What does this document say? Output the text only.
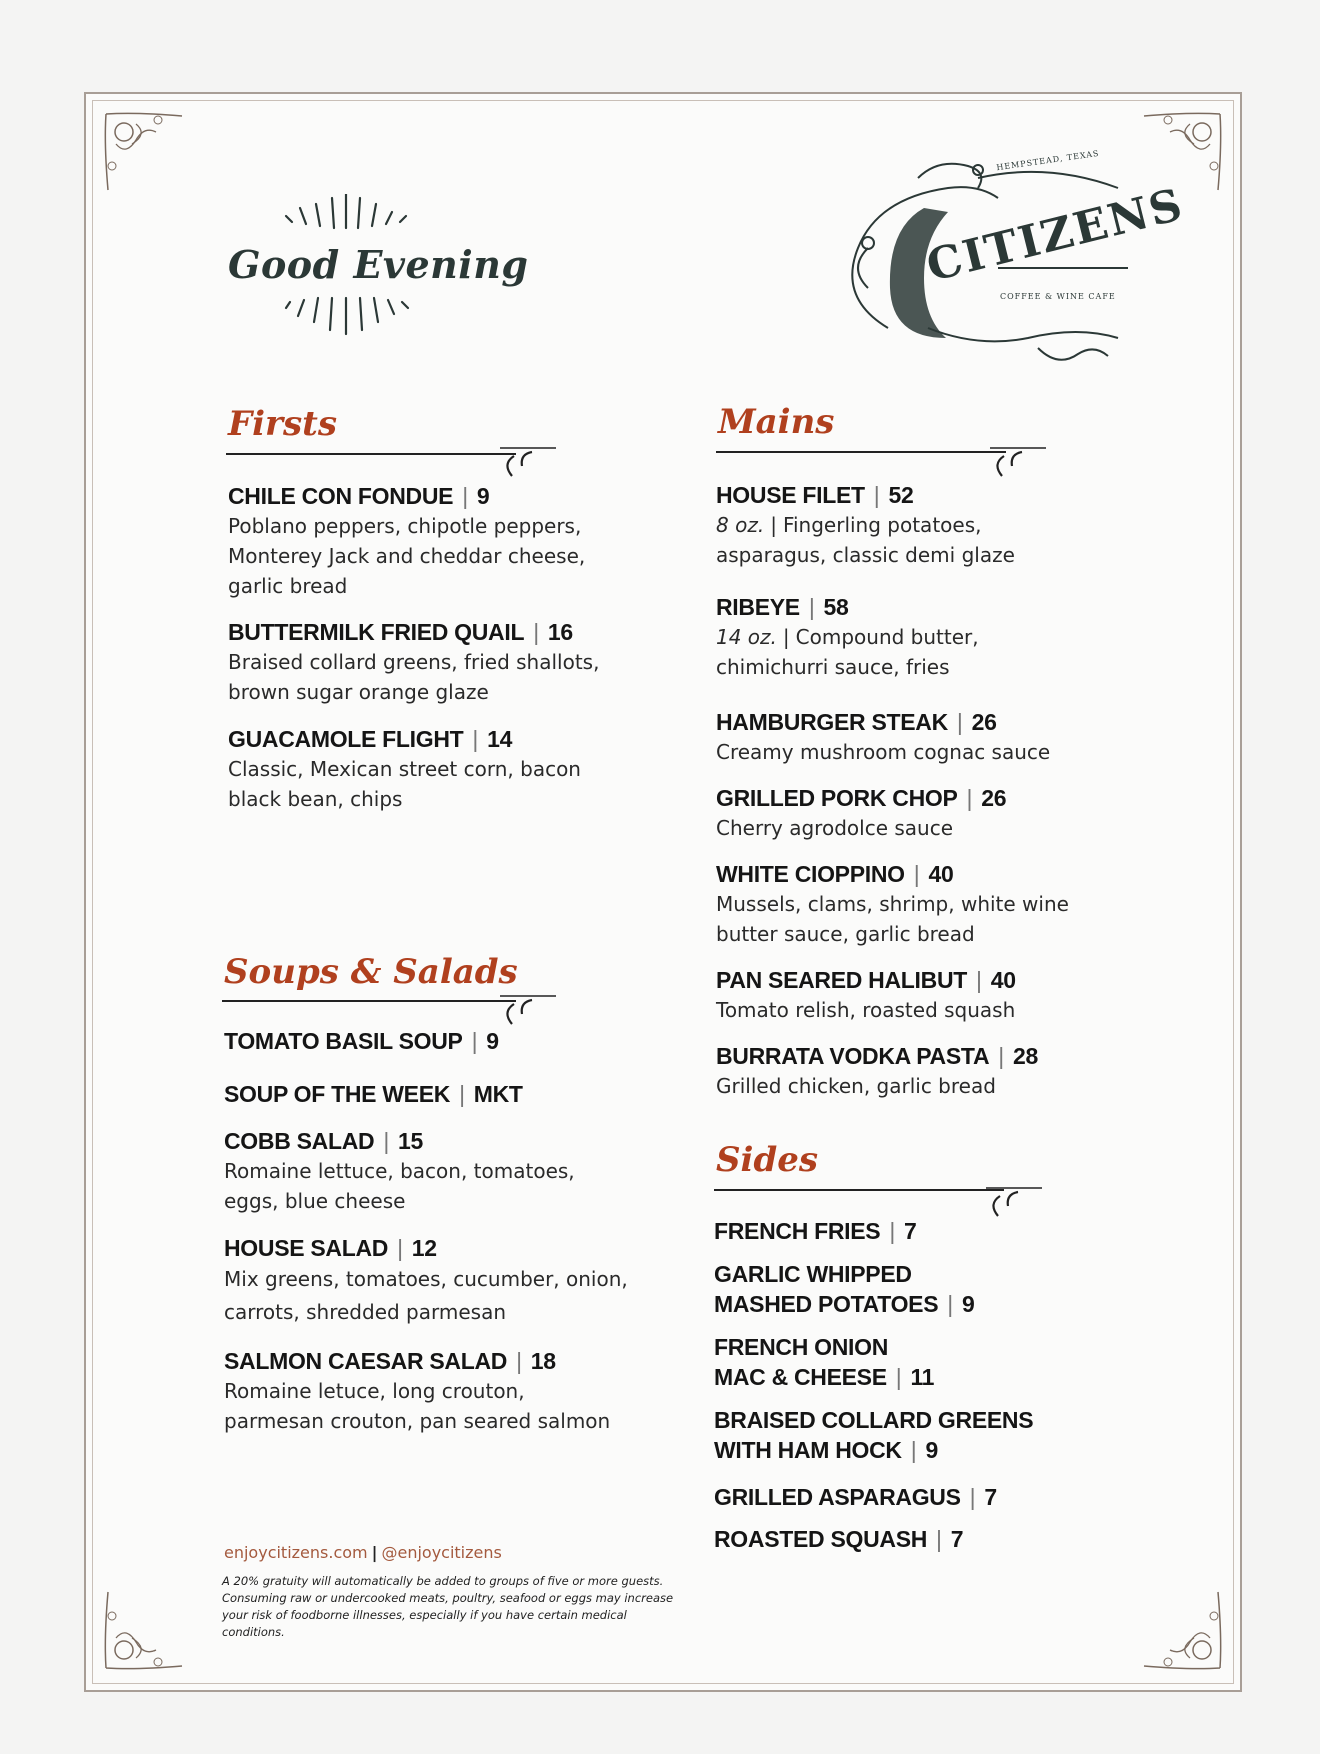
Good Evening
HEMPSTEAD, TEXAS
CITIZENS
COFFEE & WINE CAFE
Firsts
CHILE CON FONDUE | 9
Poblano peppers, chipotle peppers,
Monterey Jack and cheddar cheese,
garlic bread
BUTTERMILK FRIED QUAIL | 16
Braised collard greens, fried shallots,
brown sugar orange glaze
GUACAMOLE FLIGHT | 14
Classic, Mexican street corn, bacon
black bean, chips
Soups & Salads
TOMATO BASIL SOUP | 9
SOUP OF THE WEEK | MKT
COBB SALAD | 15
Romaine lettuce, bacon, tomatoes,
eggs, blue cheese
HOUSE SALAD | 12
Mix greens, tomatoes, cucumber, onion,
carrots, shredded parmesan
SALMON CAESAR SALAD | 18
Romaine letuce, long crouton,
parmesan crouton, pan seared salmon
Mains
HOUSE FILET | 52
8 oz. | Fingerling potatoes,
asparagus, classic demi glaze
RIBEYE | 58
14 oz. | Compound butter,
chimichurri sauce, fries
HAMBURGER STEAK | 26
Creamy mushroom cognac sauce
GRILLED PORK CHOP | 26
Cherry agrodolce sauce
WHITE CIOPPINO | 40
Mussels, clams, shrimp, white wine
butter sauce, garlic bread
PAN SEARED HALIBUT | 40
Tomato relish, roasted squash
BURRATA VODKA PASTA | 28
Grilled chicken, garlic bread
Sides
FRENCH FRIES | 7
GARLIC WHIPPED
MASHED POTATOES | 9
FRENCH ONION
MAC & CHEESE | 11
BRAISED COLLARD GREENS
WITH HAM HOCK | 9
GRILLED ASPARAGUS | 7
ROASTED SQUASH | 7
enjoycitizens.com | @enjoycitizens
A 20% gratuity will automatically be added to groups of five or more guests. Consuming raw or undercooked meats, poultry, seafood or eggs may increase your risk of foodborne illnesses, especially if you have certain medical conditions.
